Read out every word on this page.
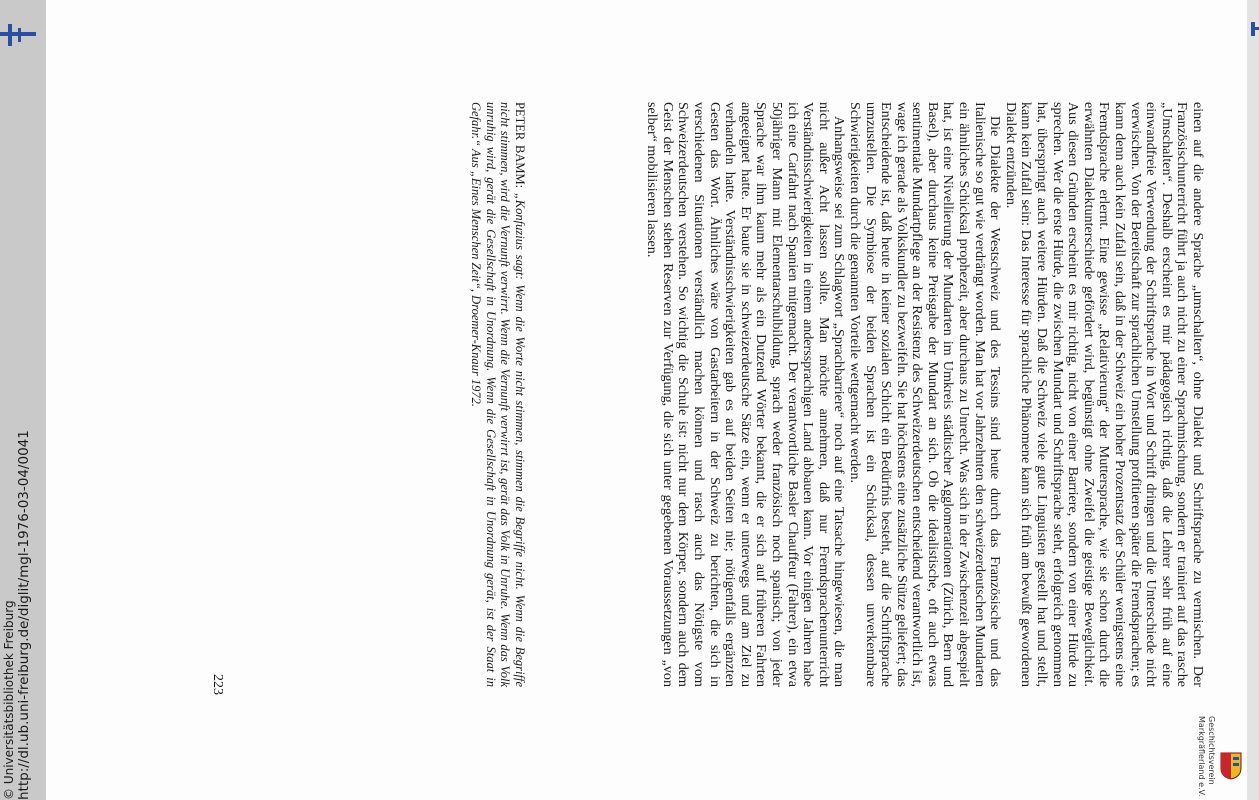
http://dl.ub.uni-freiburg.de/diglit/mgl-1976-03-04/0041
© Universitätsbibliothek Freiburg

einen auf die andere Sprache „umschalten“, ohne Dialekt und Schriftsprache zu vermischen. Der Französischunterricht führt ja auch nicht zu einer Sprachmischung, sondern er trainiert auf das rasche „Umschalten“. Deshalb erscheint es mir pädagogisch richtig, daß die Lehrer sehr früh auf eine einwandfreie Verwendung der Schriftsprache in Wort und Schrift dringen und die Unterschiede nicht verwischen. Von der Bereitschaft zur sprachlichen Umstellung profitieren später die Fremdsprachen; es kann denn auch kein Zufall sein, daß in der Schweiz ein hoher Prozentsatz der Schüler wenigstens eine Fremdsprache erlernt. Eine gewisse „Relativierung“ der Muttersprache, wie sie schon durch die erwähnten Dialektunterschiede gefördert wird, begünstigt ohne Zweifel die geistige Beweglichkeit. Aus diesen Gründen erscheint es mir richtig, nicht von einer Barriere, sondern von einer Hürde zu sprechen. Wer die erste Hürde, die zwischen Mundart und Schriftsprache steht, erfolgreich genommen hat, überspringt auch weitere Hürden. Daß die Schweiz viele gute Linguisten gestellt hat und stellt, kann kein Zufall sein: Das Interesse für sprachliche Phänomene kann sich früh am bewußt gewordenen Dialekt entzünden.

Die Dialekte der Westschweiz und des Tessins sind heute durch das Französische und das Italienische so gut wie verdrängt worden. Man hat vor Jahrzehnten den schweizerdeutschen Mundarten ein ähnliches Schicksal prophezeit, aber durchaus zu Unrecht. Was sich in der Zwischenzeit abgespielt hat, ist eine Nivellierung der Mundarten im Umkreis städtischer Agglomerationen (Zürich, Bern und Basel), aber durchaus keine Preisgabe der Mundart an sich. Ob die idealistische, oft auch etwas sentimentale Mundartpflege an der Resistenz des Schweizerdeutschen entscheidend verantwortlich ist, wage ich gerade als Volkskundler zu bezweifeln. Sie hat höchstens eine zusätzliche Stütze geliefert; das Entscheidende ist, daß heute in keiner sozialen Schicht ein Bedürfnis besteht, auf die Schriftsprache umzustellen. Die Symbiose der beiden Sprachen ist ein Schicksal, dessen unverkennbare Schwierigkeiten durch die genannten Vorteile wettgemacht werden.

Anhangsweise sei zum Schlagwort „Sprachbarriere“ noch auf eine Tatsache hingewiesen, die man nicht außer Acht lassen sollte. Man möchte annehmen, daß nur Fremdsprachenunterricht Verständnisschwierigkeiten in einem anderssprachigen Land abbauen kann. Vor einigen Jahren habe ich eine Carfahrt nach Spanien mitgemacht. Der verantwortliche Basler Chauffeur (Fahrer), ein etwa 50jähriger Mann mit Elementarschulbildung, sprach weder französisch noch spanisch; von jeder Sprache war ihm kaum mehr als ein Dutzend Wörter bekannt, die er sich auf früheren Fahrten angeeignet hatte. Er baute sie in schweizerdeutsche Sätze ein, wenn er unterwegs und am Ziel zu verhandeln hatte. Verständnisschwierigkeiten gab es auf beiden Seiten nie; nötigenfalls ergänzten Gesten das Wort. Ähnliches wäre von Gastarbeitern in der Schweiz zu berichten, die sich in verschiedenen Situationen verständlich machen können und rasch auch das Nötigste vom Schweizerdeutschen verstehen. So wichtig die Schule ist: nicht nur dem Körper, sondern auch dem Geist der Menschen stehen Reserven zur Verfügung, die sich unter gegebenen Voraussetzungen „von selber“ mobilisieren lassen.

PETER BAMM: „Konfuzius sagt: Wenn die Worte nicht stimmen, stimmen die Begriffe nicht. Wenn die Begriffe nicht stimmen, wird die Vernunft verwirrt. Wenn die Vernunft verwirrt ist, gerät das Volk in Unruhe. Wenn das Volk unruhig wird, gerät die Gesellschaft in Unordnung. Wenn die Gesellschaft in Unordnung gerät, ist der Staat in Gefahr.“ Aus „Eines Menschen Zeit“, Droemer-Knaur 1972.
223
Geschichtsverein
Markgräflerland e.V.
